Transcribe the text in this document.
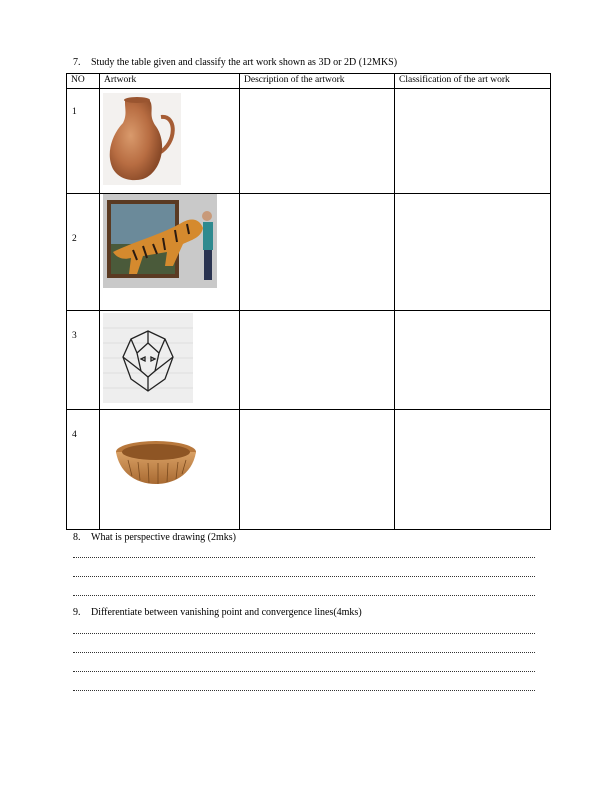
7. Study the table given and classify the art work shown as 3D or 2D (12MKS)
NO	Artwork	Description of the artwork	Classification of the art work

1

2

3

4

8. What is perspective drawing (2mks)
9. Differentiate between vanishing point and convergence lines(4mks)
